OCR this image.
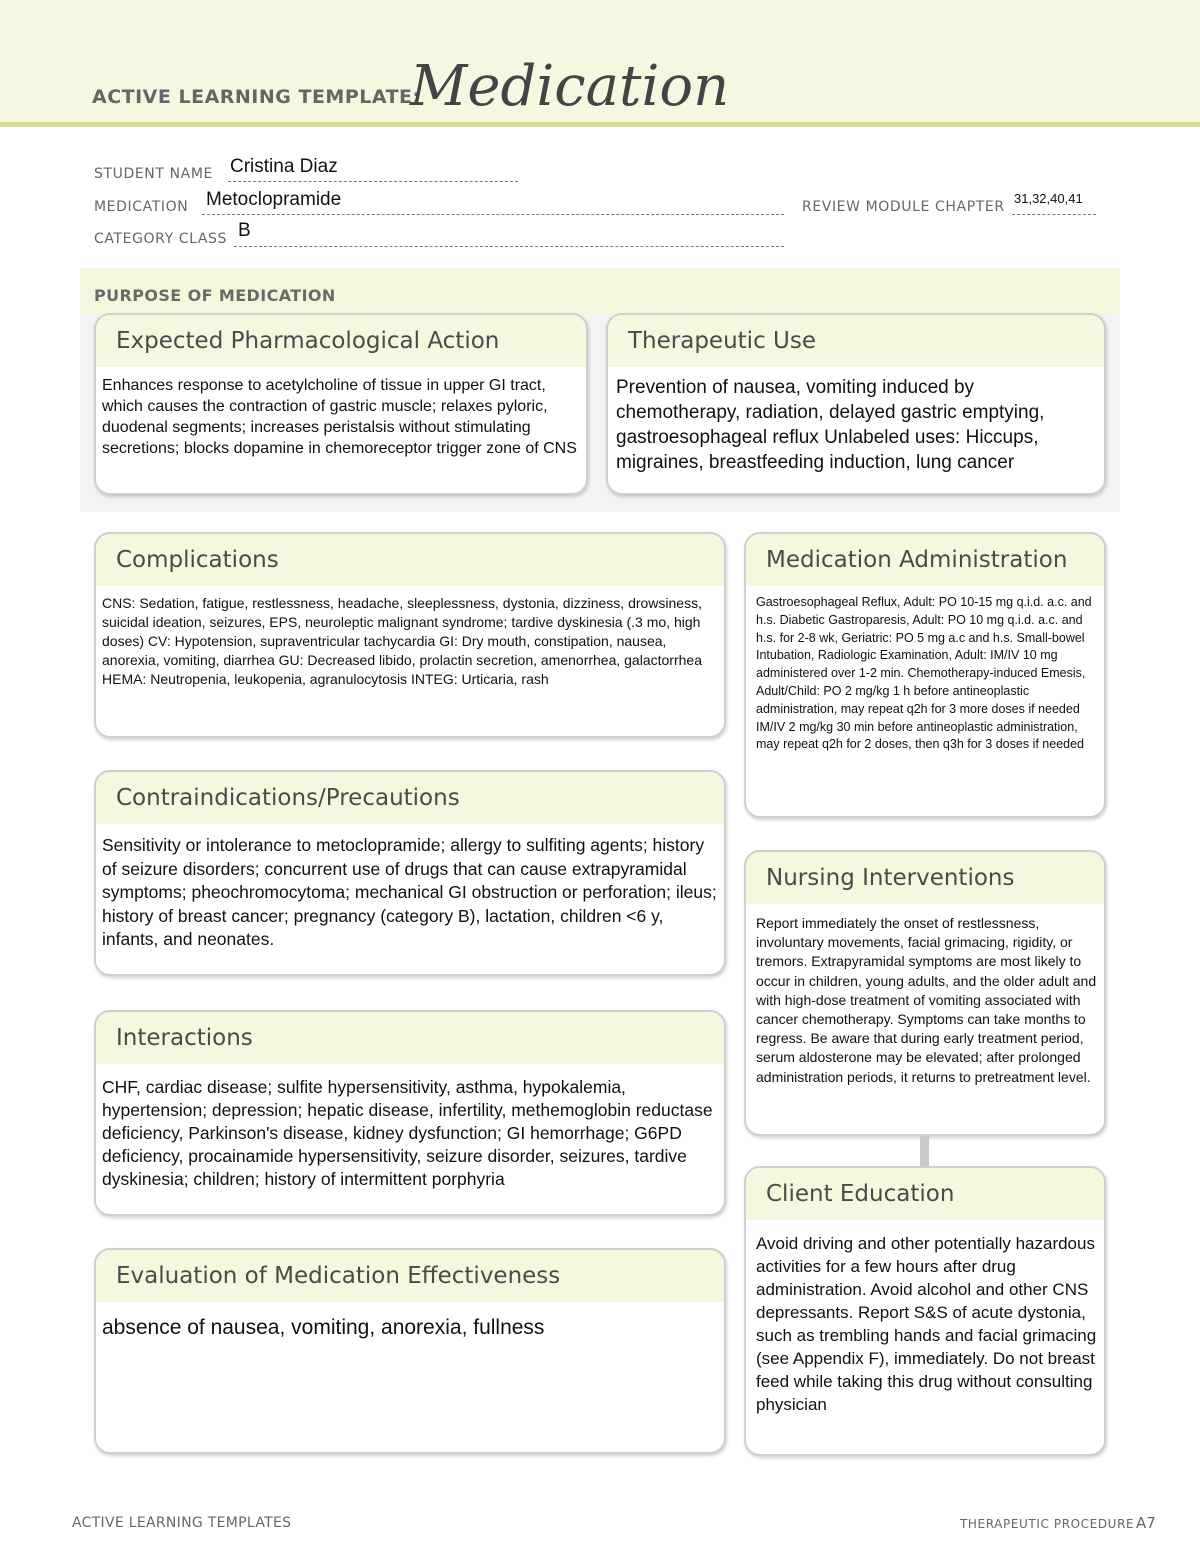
ACTIVE LEARNING TEMPLATE:
Medication
STUDENT NAME Cristina Diaz
MEDICATION Metoclopramide	REVIEW MODULE CHAPTER
31,32,40,41
CATEGORY CLASS B
PURPOSE OF MEDICATION
Expected Pharmacological Action
Enhances response to acetylcholine of tissue in upper GI tract, which causes the contraction of gastric muscle; relaxes pyloric, duodenal segments; increases peristalsis without stimulating secretions; blocks dopamine in chemoreceptor trigger zone of CNS
Therapeutic Use
Prevention of nausea, vomiting induced by chemotherapy, radiation, delayed gastric emptying, gastroesophageal reflux Unlabeled uses: Hiccups, migraines, breastfeeding induction, lung cancer
Complications
CNS: Sedation, fatigue, restlessness, headache, sleeplessness, dystonia, dizziness, drowsiness, suicidal ideation, seizures, EPS, neuroleptic malignant syndrome; tardive dyskinesia (.3 mo, high doses) CV: Hypotension, supraventricular tachycardia GI: Dry mouth, constipation, nausea, anorexia, vomiting, diarrhea GU: Decreased libido, prolactin secretion, amenorrhea, galactorrhea HEMA: Neutropenia, leukopenia, agranulocytosis INTEG: Urticaria, rash
Medication Administration
Gastroesophageal Reflux, Adult: PO 10-15 mg q.i.d. a.c. and h.s. Diabetic Gastroparesis, Adult: PO 10 mg q.i.d. a.c. and h.s. for 2-8 wk, Geriatric: PO 5 mg a.c and h.s. Small-bowel Intubation, Radiologic Examination, Adult: IM/IV 10 mg administered over 1-2 min. Chemotherapy-induced Emesis, Adult/Child: PO 2 mg/kg 1 h before antineoplastic administration, may repeat q2h for 3 more doses if needed IM/IV 2 mg/kg 30 min before antineoplastic administration, may repeat q2h for 2 doses, then q3h for 3 doses if needed
Contraindications/Precautions
Sensitivity or intolerance to metoclopramide; allergy to sulfiting agents; history of seizure disorders; concurrent use of drugs that can cause extrapyramidal symptoms; pheochromocytoma; mechanical GI obstruction or perforation; ileus; history of breast cancer; pregnancy (category B), lactation, children <6 y, infants, and neonates.
Nursing Interventions
Report immediately the onset of restlessness, involuntary movements, facial grimacing, rigidity, or tremors. Extrapyramidal symptoms are most likely to occur in children, young adults, and the older adult and with high-dose treatment of vomiting associated with cancer chemotherapy. Symptoms can take months to regress. Be aware that during early treatment period, serum aldosterone may be elevated; after prolonged administration periods, it returns to pretreatment level.
Interactions
CHF, cardiac disease; sulfite hypersensitivity, asthma, hypokalemia, hypertension; depression; hepatic disease, infertility, methemoglobin reductase deficiency, Parkinson's disease, kidney dysfunction; GI hemorrhage; G6PD deficiency, procainamide hypersensitivity, seizure disorder, seizures, tardive dyskinesia; children; history of intermittent porphyria
Client Education
Avoid driving and other potentially hazardous activities for a few hours after drug administration. Avoid alcohol and other CNS depressants. Report S&S of acute dystonia, such as trembling hands and facial grimacing (see Appendix F), immediately. Do not breast feed while taking this drug without consulting physician
Evaluation of Medication Effectiveness
absence of nausea, vomiting, anorexia, fullness
ACTIVE LEARNING TEMPLATES	THERAPEUTIC PROCEDURE A7
